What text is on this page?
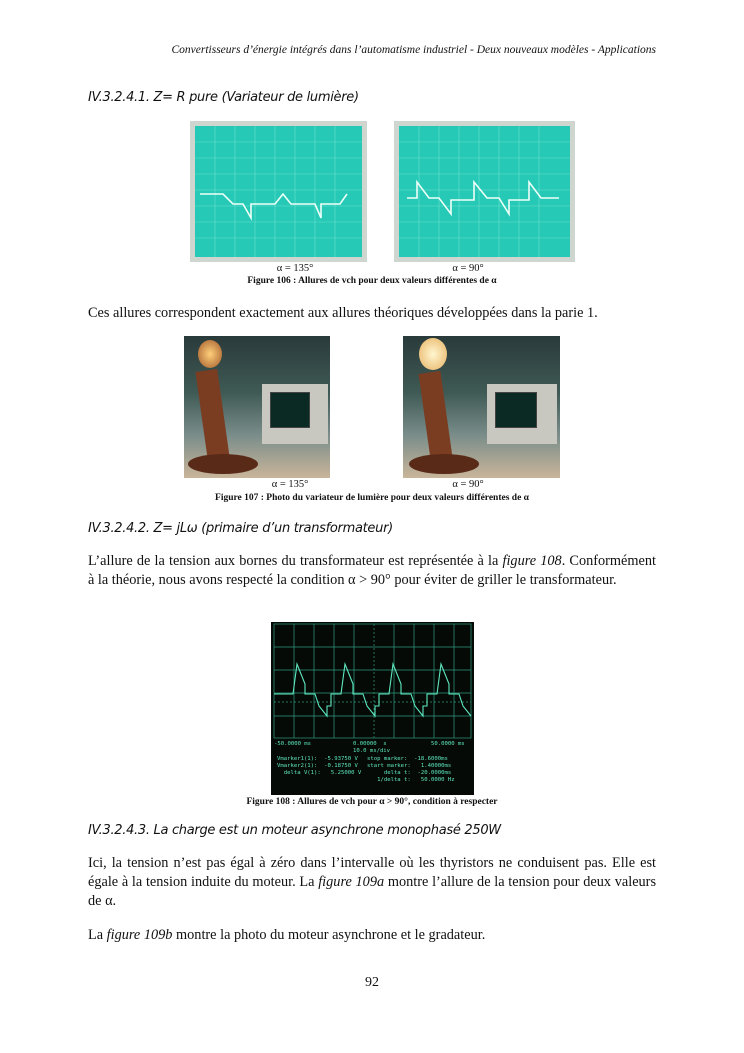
Convertisseurs d’énergie intégrés dans l’automatisme industriel - Deux nouveaux modèles - Applications
IV.3.2.4.1. Z= R pure (Variateur de lumière)
α = 135°	α = 90°
Figure 106 : Allures de vch pour deux valeurs différentes de α
Ces allures correspondent exactement aux allures théoriques développées dans la parie 1.
α = 135°	α = 90°
Figure 107 : Photo du variateur de lumière pour deux valeurs différentes de α
IV.3.2.4.2. Z= jLω (primaire d’un transformateur)
L’allure de la tension aux bornes du transformateur est représentée à la figure 108. Conformément à la théorie, nous avons respecté la condition α > 90° pour éviter de griller le transformateur.
-50.0000 ms	0.00000  s
10.0 ms/div
50.0000 ms
Vmarker1(1):  -5.93750 V
Vmarker2(1):  -0.18750 V
delta V(1):   5.25000 V
stop marker:  -18.6000ms
start marker:   1.40000ms
delta t:  -20.0000ms
1/delta t:   50.0000 Hz
Figure 108 : Allures de vch pour α > 90°, condition à respecter
IV.3.2.4.3. La charge est un moteur asynchrone monophasé 250W
Ici, la tension n’est pas égal à zéro dans l’intervalle où les thyristors ne conduisent pas. Elle est égale à la tension induite du moteur. La figure 109a montre l’allure de la tension pour deux valeurs de α.
La figure 109b montre la photo du moteur asynchrone et le gradateur.
92
